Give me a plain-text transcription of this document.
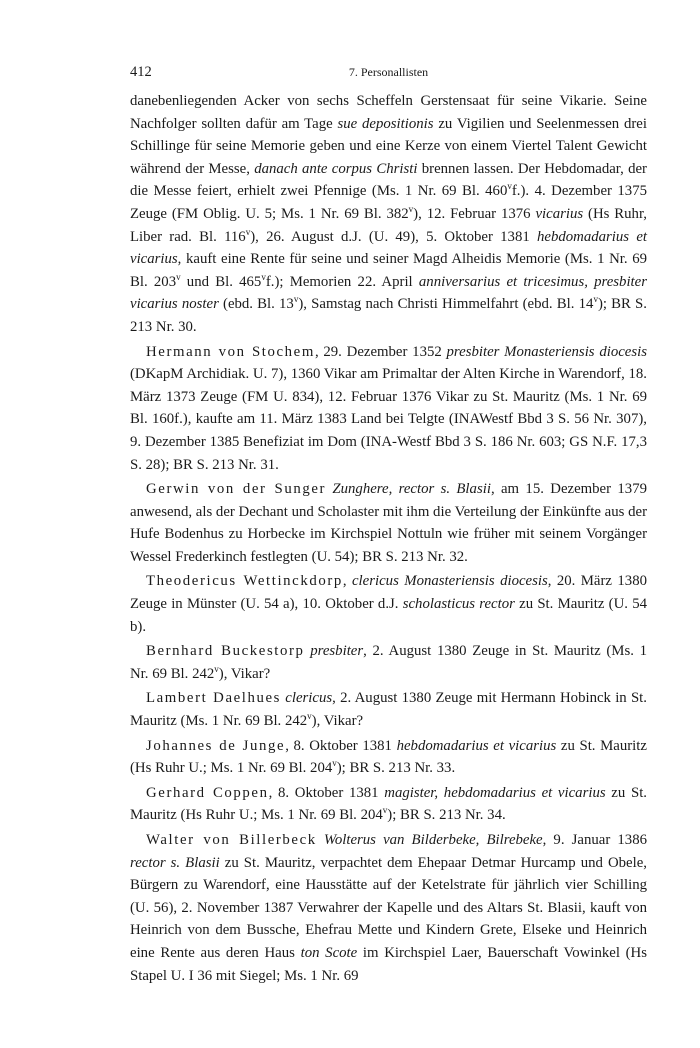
412	7. Personallisten

danebenliegenden Acker von sechs Scheffeln Gerstensaat für seine Vikarie. Seine Nachfolger sollten dafür am Tage sue depositionis zu Vigilien und Seelenmessen drei Schillinge für seine Memorie geben und eine Kerze von einem Viertel Talent Gewicht während der Messe, danach ante corpus Christi brennen lassen. Der Hebdomadar, der die Messe feiert, erhielt zwei Pfennige (Ms. 1 Nr. 69 Bl. 460$^v$f.). 4. Dezember 1375 Zeuge (FM Oblig. U. 5; Ms. 1 Nr. 69 Bl. 382$^v$), 12. Februar 1376 vicarius (Hs Ruhr, Liber rad. Bl. 116$^v$), 26. August d.J. (U. 49), 5. Oktober 1381 hebdomadarius et vicarius, kauft eine Rente für seine und seiner Magd Alheidis Memorie (Ms. 1 Nr. 69 Bl. 203$^v$ und Bl. 465$^v$f.); Memorien 22. April anniversarius et tricesimus, presbiter vicarius noster (ebd. Bl. 13$^v$), Samstag nach Christi Himmelfahrt (ebd. Bl. 14$^v$); BR S. 213 Nr. 30.

Hermann von Stochem, 29. Dezember 1352 presbiter Monasteriensis diocesis (DKapM Archidiak. U. 7), 1360 Vikar am Primaltar der Alten Kirche in Warendorf, 18. März 1373 Zeuge (FM U. 834), 12. Februar 1376 Vikar zu St. Mauritz (Ms. 1 Nr. 69 Bl. 160f.), kaufte am 11. März 1383 Land bei Telgte (INAWestf Bbd 3 S. 56 Nr. 307), 9. Dezember 1385 Benefiziat im Dom (INA-Westf Bbd 3 S. 186 Nr. 603; GS N.F. 17,3 S. 28); BR S. 213 Nr. 31.

Gerwin von der Sunger Zunghere, rector s. Blasii, am 15. Dezember 1379 anwesend, als der Dechant und Scholaster mit ihm die Verteilung der Einkünfte aus der Hufe Bodenhus zu Horbecke im Kirchspiel Nottuln wie früher mit seinem Vorgänger Wessel Frederkinch festlegten (U. 54); BR S. 213 Nr. 32.

Theodericus Wettinckdorp, clericus Monasteriensis diocesis, 20. März 1380 Zeuge in Münster (U. 54 a), 10. Oktober d.J. scholasticus rector zu St. Mauritz (U. 54 b).

Bernhard Buckestorp presbiter, 2. August 1380 Zeuge in St. Mauritz (Ms. 1 Nr. 69 Bl. 242$^v$), Vikar?

Lambert Daelhues clericus, 2. August 1380 Zeuge mit Hermann Hobinck in St. Mauritz (Ms. 1 Nr. 69 Bl. 242$^v$), Vikar?

Johannes de Junge, 8. Oktober 1381 hebdomadarius et vicarius zu St. Mauritz (Hs Ruhr U.; Ms. 1 Nr. 69 Bl. 204$^v$); BR S. 213 Nr. 33.

Gerhard Coppen, 8. Oktober 1381 magister, hebdomadarius et vicarius zu St. Mauritz (Hs Ruhr U.; Ms. 1 Nr. 69 Bl. 204$^v$); BR S. 213 Nr. 34.

Walter von Billerbeck Wolterus van Bilderbeke, Bilrebeke, 9. Januar 1386 rector s. Blasii zu St. Mauritz, verpachtet dem Ehepaar Detmar Hurcamp und Obele, Bürgern zu Warendorf, eine Hausstätte auf der Ketelstrate für jährlich vier Schilling (U. 56), 2. November 1387 Verwahrer der Kapelle und des Altars St. Blasii, kauft von Heinrich von dem Bussche, Ehefrau Mette und Kindern Grete, Elseke und Heinrich eine Rente aus deren Haus ton Scote im Kirchspiel Laer, Bauerschaft Vowinkel (Hs Stapel U. I 36 mit Siegel; Ms. 1 Nr. 69
